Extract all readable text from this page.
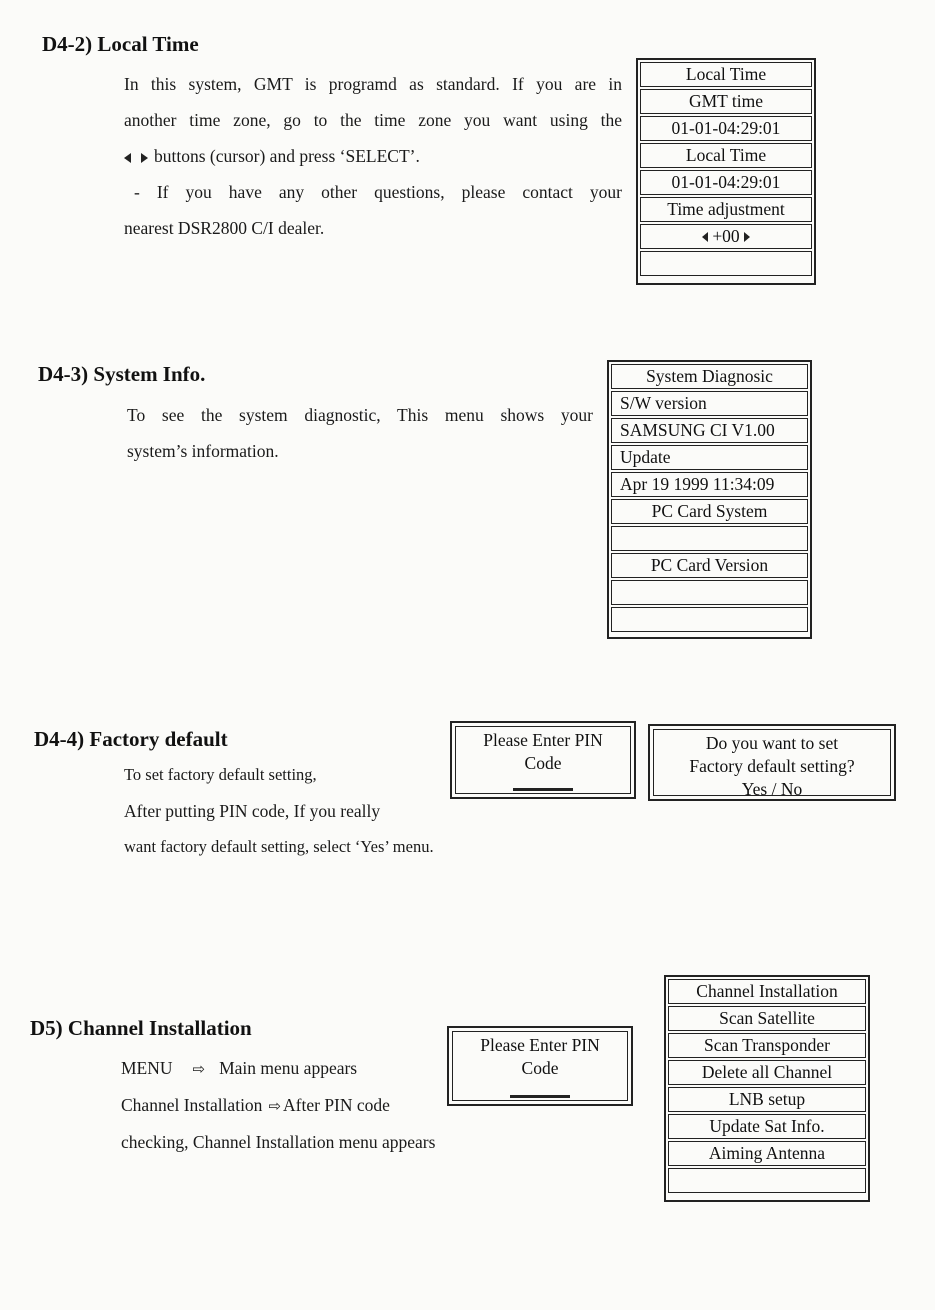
D4-2) Local Time
In this system, GMT is programd as standard. If you are in
another time zone, go to the time zone you want using the
buttons (cursor) and press ‘SELECT’.
- If you have any other questions, please contact your
nearest DSR2800 C/I dealer.
Local Time
GMT time
01-01-04:29:01
Local Time
01-01-04:29:01
Time adjustment
+00
D4-3) System Info.
To see the system diagnostic, This menu shows your
system’s information.
System Diagnosic
S/W version
SAMSUNG CI V1.00
Update
Apr 19 1999 11:34:09
PC Card System
PC Card Version
D4-4) Factory default
To set factory default setting,
After putting PIN code, If you really
want factory default setting, select ‘Yes’ menu.
Please Enter PIN
Code
Do you want to set
Factory default setting?
Yes / No
D5) Channel Installation
MENU ⇨ Main menu appears
Channel Installation ⇨ After PIN code
checking, Channel Installation menu appears
Please Enter PIN
Code
Channel Installation
Scan Satellite
Scan Transponder
Delete all Channel
LNB setup
Update Sat Info.
Aiming Antenna
